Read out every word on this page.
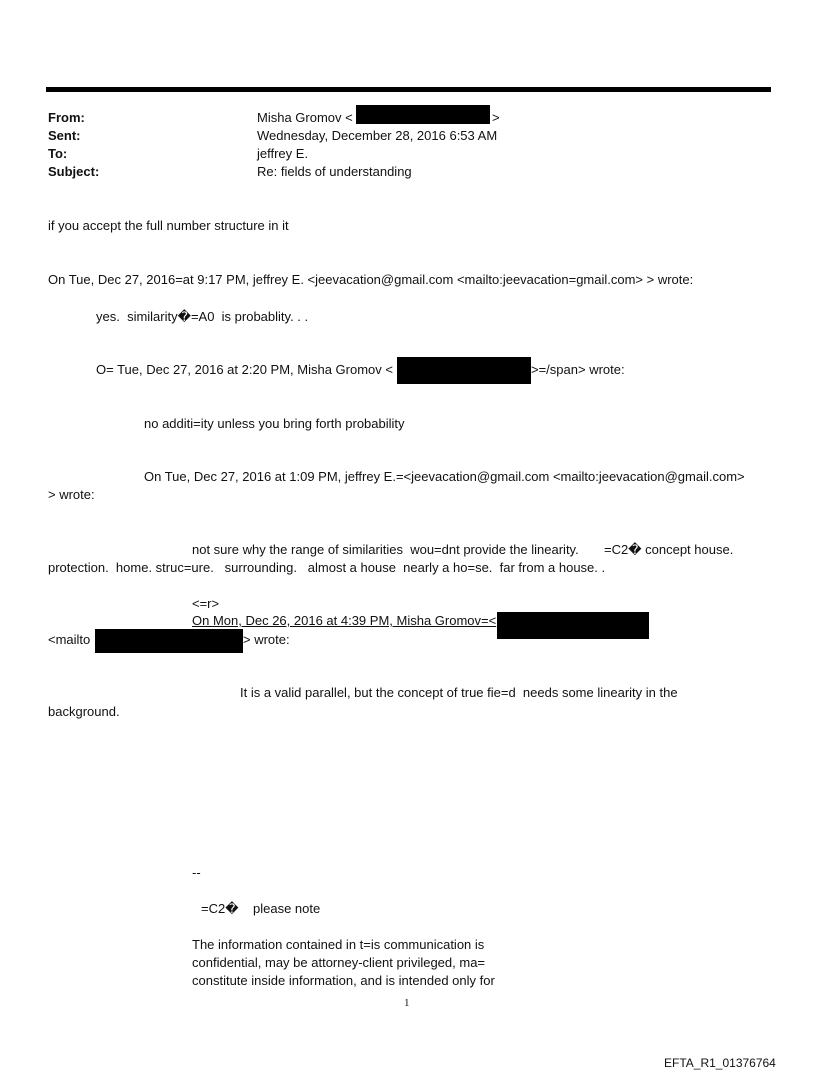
From:	Misha Gromov <	>
Sent:	Wednesday, December 28, 2016 6:53 AM
To:	jeffrey E.
Subject:	Re: fields of understanding
if you accept the full number structure in it
On Tue, Dec 27, 2016=at 9:17 PM, jeffrey E. <jeevacation@gmail.com <mailto:jeevacation=gmail.com> > wrote:
yes.  similarity�=A0  is probablity. . .
O= Tue, Dec 27, 2016 at 2:20 PM, Misha Gromov <	>=/span> wrote:
no additi=ity unless you bring forth probability
On Tue, Dec 27, 2016 at 1:09 PM, jeffrey E.=<jeevacation@gmail.com <mailto:jeevacation@gmail.com>
> wrote:
not sure why the range of similarities  wou=dnt provide the linearity.       =C2� concept house.
protection.  home. struc=ure.   surrounding.   almost a house  nearly a ho=se.  far from a house. .
<=r>
On Mon, Dec 26, 2016 at 4:39 PM, Misha Gromov=<
<mailto	> wrote:
It is a valid parallel, but the concept of true fie=d  needs some linearity in the
background.
--
=C2�    please note
The information contained in t=is communication is
confidential, may be attorney-client privileged, ma=
constitute inside information, and is intended only for
1
EFTA_R1_01376764
